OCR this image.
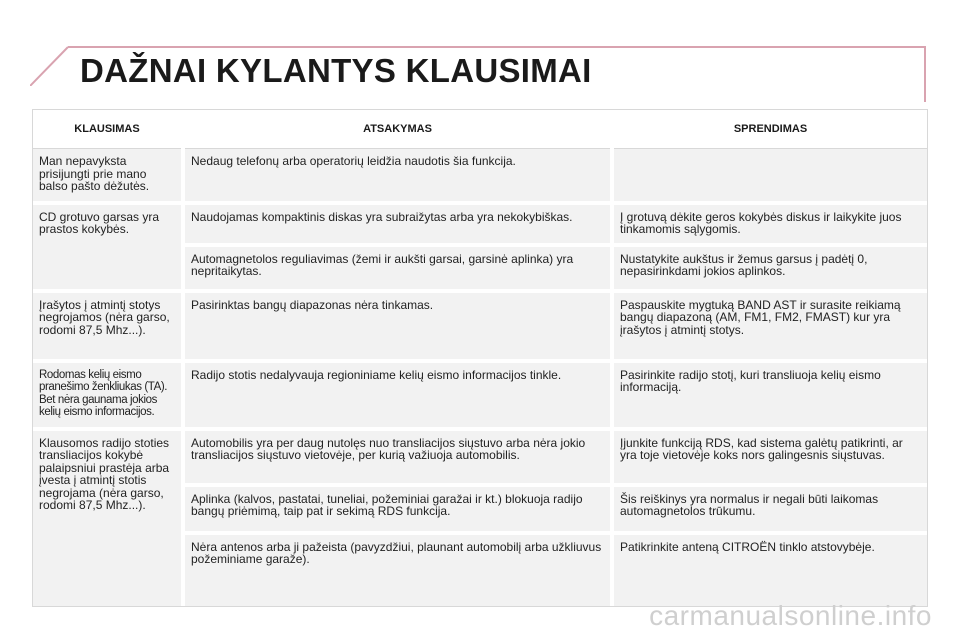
DAŽNAI KYLANTYS KLAUSIMAI
KLAUSIMAS	ATSAKYMAS	SPRENDIMAS
Man nepavyksta prisijungti prie mano balso pašto dėžutės.	Nedaug telefonų arba operatorių leidžia naudotis šia funkcija.	
CD grotuvo garsas yra prastos kokybės.	Naudojamas kompaktinis diskas yra subraižytas arba yra nekokybiškas.	Į grotuvą dėkite geros kokybės diskus ir laikykite juos tinkamomis sąlygomis.
	Automagnetolos reguliavimas (žemi ir aukšti garsai, garsinė aplinka) yra nepritaikytas.	Nustatykite aukštus ir žemus garsus į padėtį 0, nepasirinkdami jokios aplinkos.
Įrašytos į atmintį stotys negrojamos (nėra garso, rodomi 87,5 Mhz...).	Pasirinktas bangų diapazonas nėra tinkamas.	Paspauskite mygtuką BAND AST ir surasite reikiamą bangų diapazoną (AM, FM1, FM2, FMAST) kur yra įrašytos į atmintį stotys.
Rodomas kelių eismo pranešimo ženkliukas (TA). Bet nėra gaunama jokios kelių eismo informacijos.	Radijo stotis nedalyvauja regioniniame kelių eismo informacijos tinkle.	Pasirinkite radijo stotį, kuri transliuoja kelių eismo informaciją.
Klausomos radijo stoties transliacijos kokybė palaipsniui prastėja arba įvesta į atmintį stotis negrojama (nėra garso, rodomi 87,5 Mhz...).	Automobilis yra per daug nutolęs nuo transliacijos siųstuvo arba nėra jokio transliacijos siųstuvo vietovėje, per kurią važiuoja automobilis.	Įjunkite funkciją RDS, kad sistema galėtų patikrinti, ar yra toje vietovėje koks nors galingesnis siųstuvas.
	Aplinka (kalvos, pastatai, tuneliai, požeminiai garažai ir kt.) blokuoja radijo bangų priėmimą, taip pat ir sekimą RDS funkcija.	Šis reiškinys yra normalus ir negali būti laikomas automagnetolos trūkumu.
	Nėra antenos arba ji pažeista (pavyzdžiui, plaunant automobilį arba užkliuvus požeminiame garaže).	Patikrinkite anteną CITROËN tinklo atstovybėje.
carmanualsonline.info
